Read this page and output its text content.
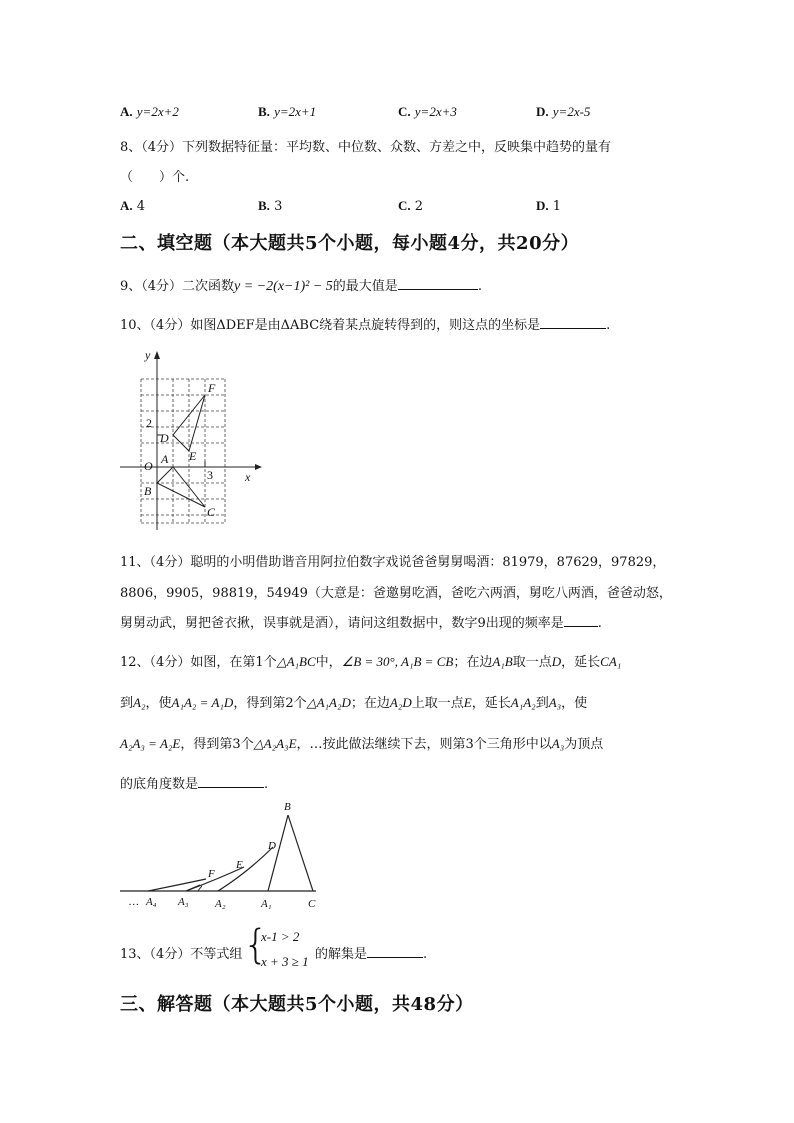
A. y=2x+2	B. y=2x+1	C. y=2x+3	D. y=2x-5
8、（4分）下列数据特征量：平均数、中位数、众数、方差之中，反映集中趋势的量有
（　　）个.
A. 4	B. 3	C. 2	D. 1
二、填空题（本大题共5个小题，每小题4分，共20分）
9、（4分）二次函数y = −2(x−1)² − 5的最大值是	.
10、（4分）如图ΔDEF是由ΔABC绕着某点旋转得到的，则这点的坐标是	.
y
x
O A
B
C
D
E
F
2
3
11、（4分）聪明的小明借助谐音用阿拉伯数字戏说爸爸舅舅喝酒：81979，87629，97829，
8806，9905，98819，54949（大意是：爸邀舅吃酒，爸吃六两酒，舅吃八两酒，爸爸动怒，
舅舅动武，舅把爸衣揪，误事就是酒），请问这组数据中，数字9出现的频率是	.
12、（4分）如图，在第1个△A₁BC中，∠B = 30°, A₁B = CB；在边A₁B取一点D，延长CA₁
到A₂，使A₁A₂ = A₁D，得到第2个△A₁A₂D；在边A₂D上取一点E，延长A₁A₂到A₃，使
A₂A₃ = A₂E，得到第3个△A₂A₃E，…按此做法继续下去，则第3个三角形中以A₃为顶点
的底角度数是	.
B
D
E
F
… A₄ A₃ A₂	A₁	C
13、（4分）不等式组 {
x-1 > 2
x + 3 ≥ 1 的解集是	.
三、解答题（本大题共5个小题，共48分）
